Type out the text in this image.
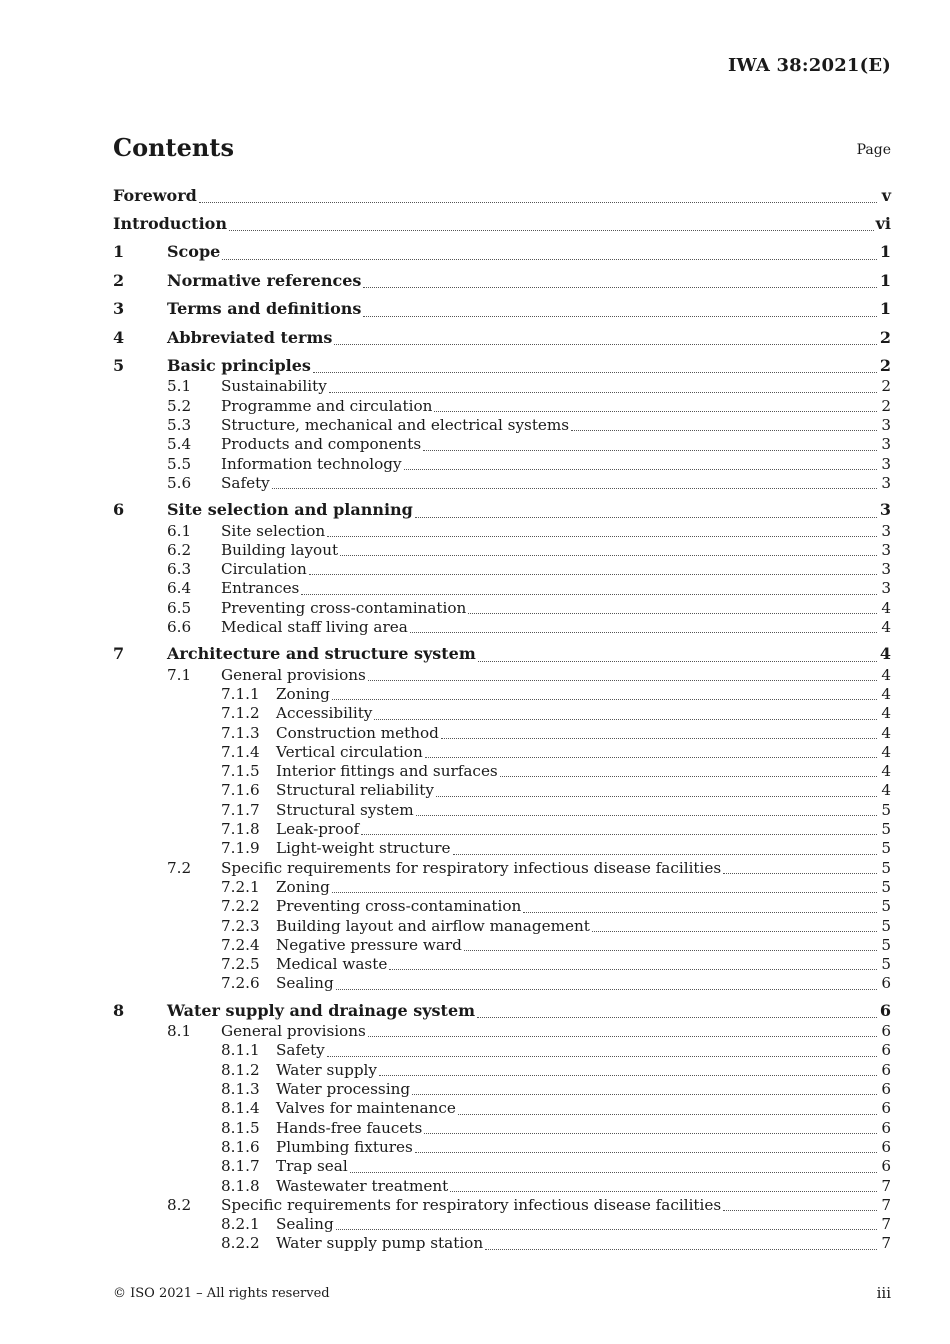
IWA 38:2021(E)
Contents	Page
Foreword	v
Introduction	vi
1	Scope	1
2	Normative references	1
3	Terms and definitions	1
4	Abbreviated terms	2
5	Basic principles	2
5.1 Sustainability	2
5.2 Programme and circulation	2
5.3 Structure, mechanical and electrical systems	3
5.4 Products and components	3
5.5 Information technology	3
5.6 Safety	3
6	Site selection and planning	3
6.1 Site selection	3
6.2 Building layout	3
6.3 Circulation	3
6.4 Entrances	3
6.5 Preventing cross-contamination	4
6.6 Medical staff living area	4
7	Architecture and structure system	4
7.1 General provisions	4
7.1.1 Zoning	4
7.1.2 Accessibility	4
7.1.3 Construction method	4
7.1.4 Vertical circulation	4
7.1.5 Interior fittings and surfaces	4
7.1.6 Structural reliability	4
7.1.7 Structural system	5
7.1.8 Leak-proof	5
7.1.9 Light-weight structure	5
7.2 Specific requirements for respiratory infectious disease facilities	5
7.2.1 Zoning	5
7.2.2 Preventing cross-contamination	5
7.2.3 Building layout and airflow management	5
7.2.4 Negative pressure ward	5
7.2.5 Medical waste	5
7.2.6 Sealing	6
8	Water supply and drainage system	6
8.1 General provisions	6
8.1.1 Safety	6
8.1.2 Water supply	6
8.1.3 Water processing	6
8.1.4 Valves for maintenance	6
8.1.5 Hands-free faucets	6
8.1.6 Plumbing fixtures	6
8.1.7 Trap seal	6
8.1.8 Wastewater treatment	7
8.2 Specific requirements for respiratory infectious disease facilities	7
8.2.1 Sealing	7
8.2.2 Water supply pump station	7
© ISO 2021 – All rights reserved	iii
